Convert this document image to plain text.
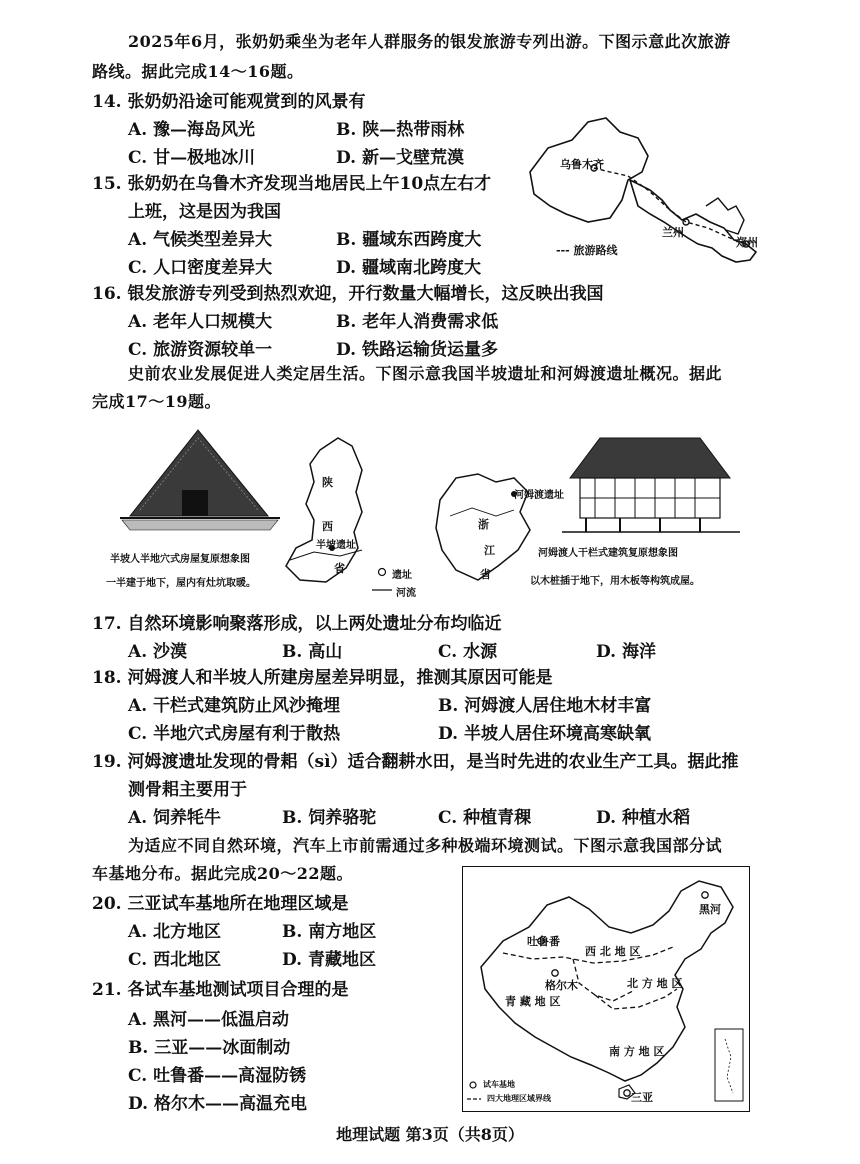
2025年6月，张奶奶乘坐为老年人群服务的银发旅游专列出游。下图示意此次旅游
路线。据此完成14～16题。
14. 张奶奶沿途可能观赏到的风景有
A. 豫—海岛风光	B. 陕—热带雨林
C. 甘—极地冰川	D. 新—戈壁荒漠
15. 张奶奶在乌鲁木齐发现当地居民上午10点左右才
上班，这是因为我国
A. 气候类型差异大	B. 疆域东西跨度大
C. 人口密度差异大	D. 疆域南北跨度大
乌鲁木齐
兰州
郑州
--- 旅游路线
16. 银发旅游专列受到热烈欢迎，开行数量大幅增长，这反映出我国
A. 老年人口规模大	B. 老年人消费需求低
C. 旅游资源较单一	D. 铁路运输货运量多
史前农业发展促进人类定居生活。下图示意我国半坡遗址和河姆渡遗址概况。据此
完成17～19题。
陕
西
省
半坡遗址
遗址
河流
半坡人半地穴式房屋复原想象图
一半建于地下，屋内有灶坑取暖。
河姆渡遗址
浙
江
省
河姆渡人干栏式建筑复原想象图
以木桩插于地下，用木板等构筑成屋。
17. 自然环境影响聚落形成，以上两处遗址分布均临近
A. 沙漠	B. 高山	C. 水源	D. 海洋
18. 河姆渡人和半坡人所建房屋差异明显，推测其原因可能是
A. 干栏式建筑防止风沙掩埋	B. 河姆渡人居住地木材丰富
C. 半地穴式房屋有利于散热	D. 半坡人居住环境高寒缺氧
19. 河姆渡遗址发现的骨耜（sì）适合翻耕水田，是当时先进的农业生产工具。据此推
测骨耜主要用于
A. 饲养牦牛	B. 饲养骆驼	C. 种植青稞	D. 种植水稻
为适应不同自然环境，汽车上市前需通过多种极端环境测试。下图示意我国部分试
车基地分布。据此完成20～22题。
20. 三亚试车基地所在地理区域是
A. 北方地区	B. 南方地区
C. 西北地区	D. 青藏地区
21. 各试车基地测试项目合理的是
A. 黑河——低温启动
B. 三亚——冰面制动
C. 吐鲁番——高湿防锈
D. 格尔木——高温充电
黑河
吐鲁番
格尔木
三亚
西 北 地 区
北 方 地 区
青 藏 地 区
南 方 地 区
试车基地
四大地理区域界线
地理试题 第3页（共8页）
